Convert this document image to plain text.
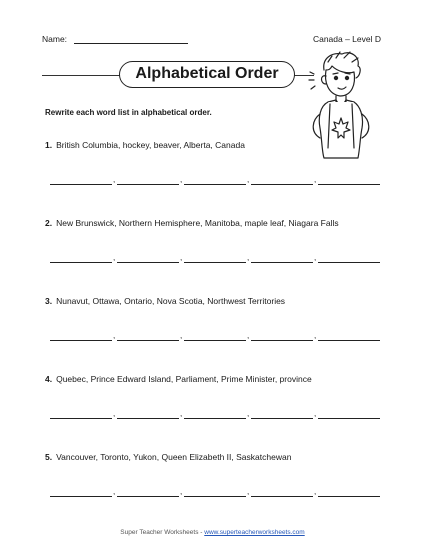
Name:	Canada – Level D
Alphabetical Order
Rewrite each word list in alphabetical order.
1. British Columbia, hockey, beaver, Alberta, Canada
,	,	,	,
2. New Brunswick, Northern Hemisphere, Manitoba, maple leaf, Niagara Falls
,	,	,	,
3. Nunavut, Ottawa, Ontario, Nova Scotia, Northwest Territories
,	,	,	,
4. Quebec, Prince Edward Island, Parliament, Prime Minister, province
,	,	,	,
5. Vancouver, Toronto, Yukon, Queen Elizabeth II, Saskatchewan
,	,	,	,
Super Teacher Worksheets - www.superteacherworksheets.com
